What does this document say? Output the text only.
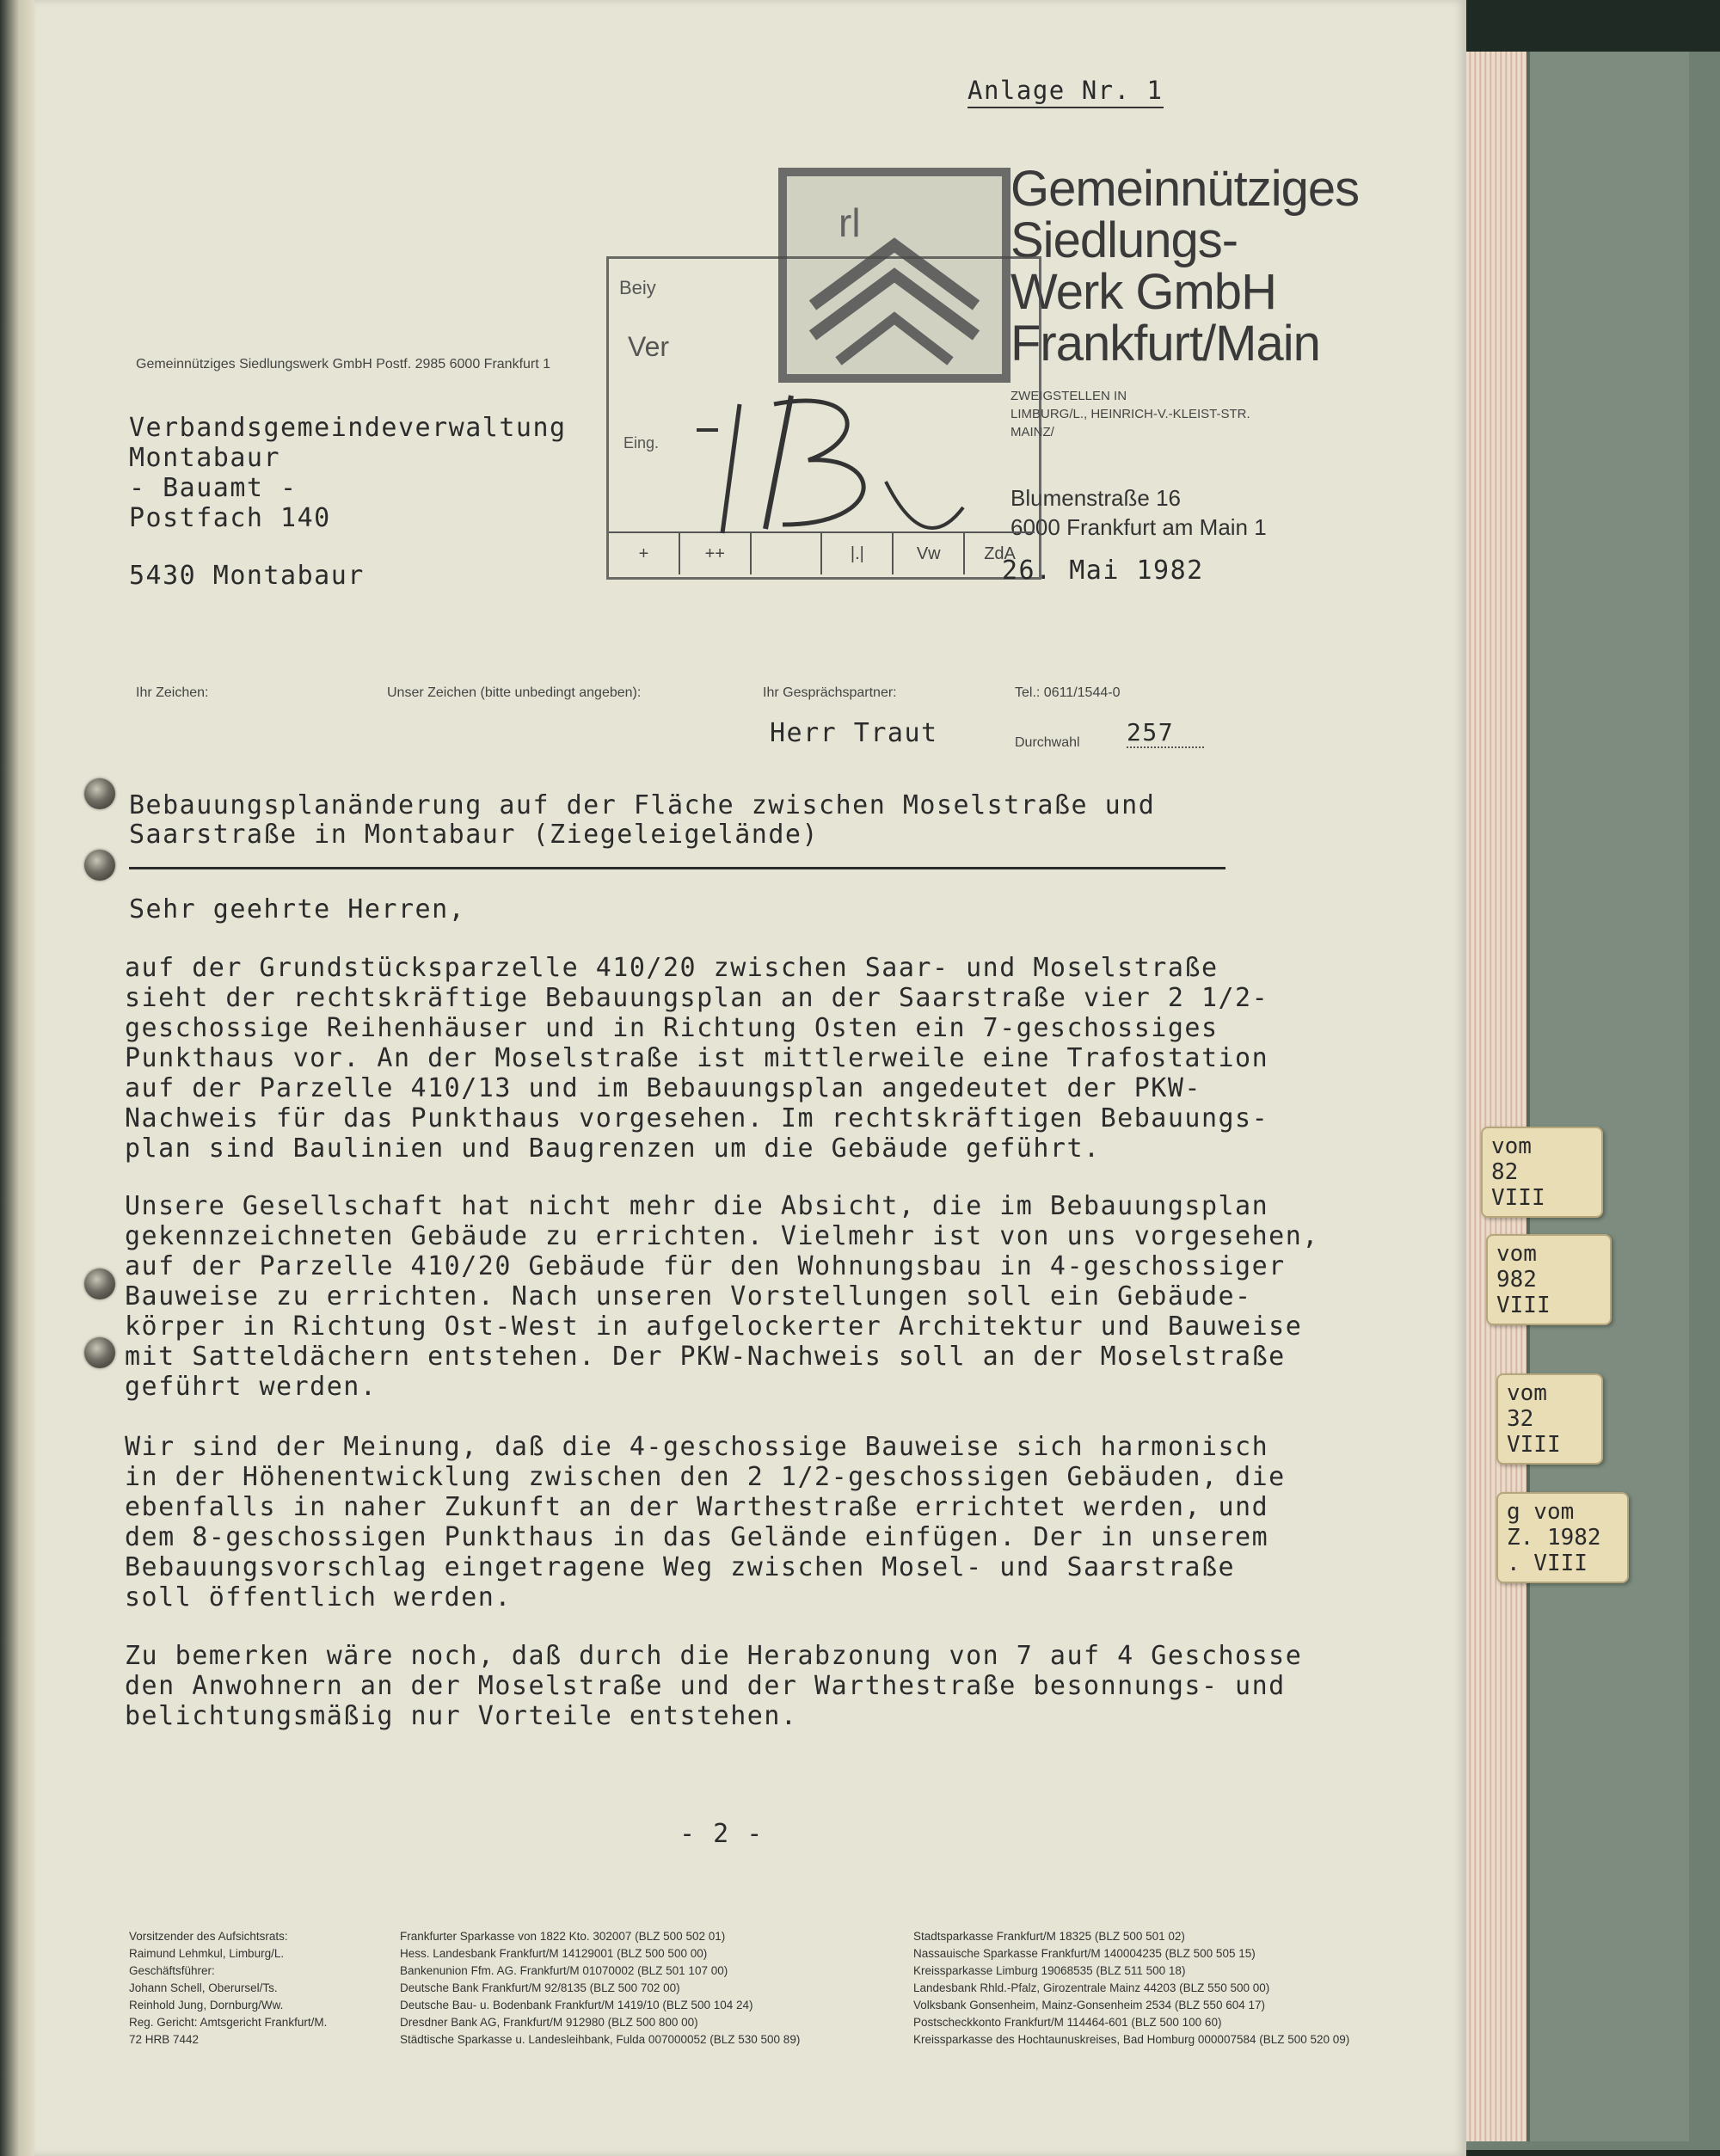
Anlage Nr. 1
rl
Gemeinnütziges
Siedlungs-
Werk GmbH
Frankfurt/Main
ZWEIGSTELLEN IN
LIMBURG/L., HEINRICH-V.-KLEIST-STR.
MAINZ/
Blumenstraße 16
6000 Frankfurt am Main 1
Beiy
Ver
Eing.
+	++	|.|	Vw	ZdA
Gemeinnütziges Siedlungswerk GmbH Postf. 2985 6000 Frankfurt 1
Verbandsgemeindeverwaltung
Montabaur
- Bauamt -
Postfach 140
5430 Montabaur	26. Mai 1982
Ihr Zeichen:	Unser Zeichen (bitte unbedingt angeben):	Ihr Gesprächspartner:	Tel.: 0611/1544-0
Herr Traut	Durchwahl 257
Bebauungsplanänderung auf der Fläche zwischen Moselstraße und
Saarstraße in Montabaur (Ziegeleigelände)
Sehr geehrte Herren,
auf der Grundstücksparzelle 410/20 zwischen Saar- und Moselstraße
sieht der rechtskräftige Bebauungsplan an der Saarstraße vier 2 1/2-
geschossige Reihenhäuser und in Richtung Osten ein 7-geschossiges
Punkthaus vor. An der Moselstraße ist mittlerweile eine Trafostation
auf der Parzelle 410/13 und im Bebauungsplan angedeutet der PKW-
Nachweis für das Punkthaus vorgesehen. Im rechtskräftigen Bebauungs-
plan sind Baulinien und Baugrenzen um die Gebäude geführt.
Unsere Gesellschaft hat nicht mehr die Absicht, die im Bebauungsplan
gekennzeichneten Gebäude zu errichten. Vielmehr ist von uns vorgesehen,
auf der Parzelle 410/20 Gebäude für den Wohnungsbau in 4-geschossiger
Bauweise zu errichten. Nach unseren Vorstellungen soll ein Gebäude-
körper in Richtung Ost-West in aufgelockerter Architektur und Bauweise
mit Satteldächern entstehen. Der PKW-Nachweis soll an der Moselstraße
geführt werden.
Wir sind der Meinung, daß die 4-geschossige Bauweise sich harmonisch
in der Höhenentwicklung zwischen den 2 1/2-geschossigen Gebäuden, die
ebenfalls in naher Zukunft an der Warthestraße errichtet werden, und
dem 8-geschossigen Punkthaus in das Gelände einfügen. Der in unserem
Bebauungsvorschlag eingetragene Weg zwischen Mosel- und Saarstraße
soll öffentlich werden.
Zu bemerken wäre noch, daß durch die Herabzonung von 7 auf 4 Geschosse
den Anwohnern an der Moselstraße und der Warthestraße besonnungs- und
belichtungsmäßig nur Vorteile entstehen.
- 2 -
Vorsitzender des Aufsichtsrats:
Raimund Lehmkul, Limburg/L.
Geschäftsführer:
Johann Schell, Oberursel/Ts.
Reinhold Jung, Dornburg/Ww.
Reg. Gericht: Amtsgericht Frankfurt/M.
72 HRB 7442
Frankfurter Sparkasse von 1822 Kto. 302007 (BLZ 500 502 01)
Hess. Landesbank Frankfurt/M 14129001 (BLZ 500 500 00)
Bankenunion Ffm. AG. Frankfurt/M 01070002 (BLZ 501 107 00)
Deutsche Bank Frankfurt/M 92/8135 (BLZ 500 702 00)
Deutsche Bau- u. Bodenbank Frankfurt/M 1419/10 (BLZ 500 104 24)
Dresdner Bank AG, Frankfurt/M 912980 (BLZ 500 800 00)
Städtische Sparkasse u. Landesleihbank, Fulda 007000052 (BLZ 530 500 89)
Stadtsparkasse Frankfurt/M 18325 (BLZ 500 501 02)
Nassauische Sparkasse Frankfurt/M 140004235 (BLZ 500 505 15)
Kreissparkasse Limburg 19068535 (BLZ 511 500 18)
Landesbank Rhld.-Pfalz, Girozentrale Mainz 44203 (BLZ 550 500 00)
Volksbank Gonsenheim, Mainz-Gonsenheim 2534 (BLZ 550 604 17)
Postscheckkonto Frankfurt/M 114464-601 (BLZ 500 100 60)
Kreissparkasse des Hochtaunuskreises, Bad Homburg 000007584 (BLZ 500 520 09)
vom
82
VIII
vom
982
VIII
vom
32
VIII
g vom
Z. 1982
. VIII
